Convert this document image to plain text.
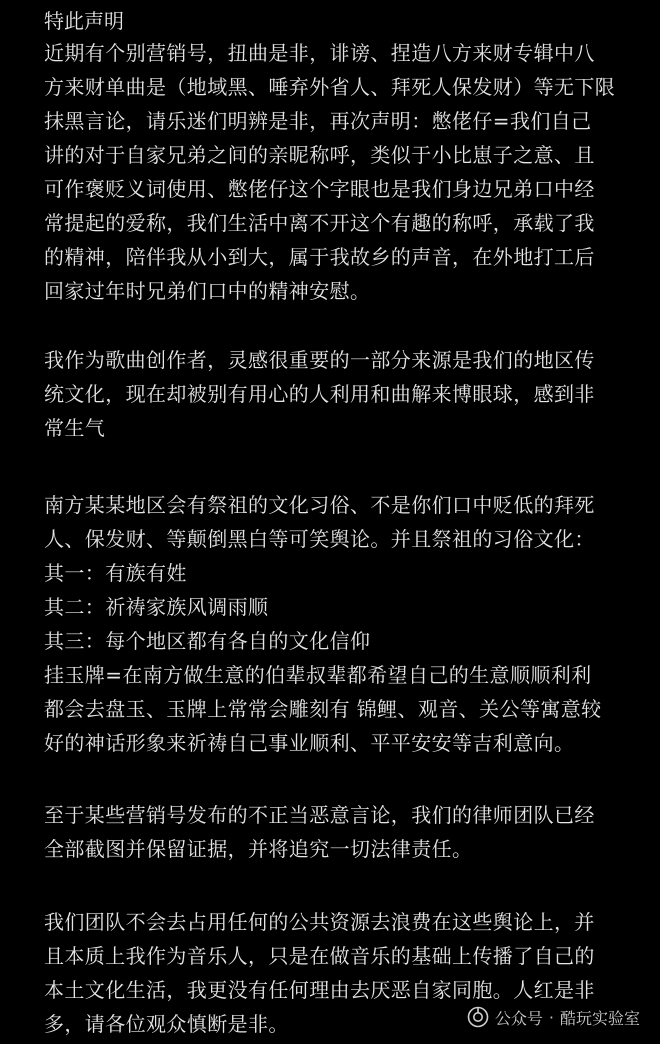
特此声明
近期有个别营销号，扭曲是非，诽谤、捏造八方来财专辑中八
方来财单曲是（地域黑、唾弃外省人、拜死人保发财）等无下限
抹黑言论，请乐迷们明辨是非，再次声明：憋佬仔=我们自己
讲的对于自家兄弟之间的亲昵称呼，类似于小比崽子之意、且
可作褒贬义词使用、憋佬仔这个字眼也是我们身边兄弟口中经
常提起的爱称，我们生活中离不开这个有趣的称呼，承载了我
的精神，陪伴我从小到大，属于我故乡的声音，在外地打工后
回家过年时兄弟们口中的精神安慰。
我作为歌曲创作者，灵感很重要的一部分来源是我们的地区传
统文化，现在却被别有用心的人利用和曲解来博眼球，感到非
常生气
南方某某地区会有祭祖的文化习俗、不是你们口中贬低的拜死
人、保发财、等颠倒黑白等可笑舆论。并且祭祖的习俗文化：
其一：有族有姓
其二：祈祷家族风调雨顺
其三：每个地区都有各自的文化信仰
挂玉牌=在南方做生意的伯辈叔辈都希望自己的生意顺顺利利
都会去盘玉、玉牌上常常会雕刻有 锦鲤、观音、关公等寓意较
好的神话形象来祈祷自己事业顺利、平平安安等吉利意向。
至于某些营销号发布的不正当恶意言论，我们的律师团队已经
全部截图并保留证据，并将追究一切法律责任。
我们团队不会去占用任何的公共资源去浪费在这些舆论上，并
且本质上我作为音乐人，只是在做音乐的基础上传播了自己的
本土文化生活，我更没有任何理由去厌恶自家同胞。人红是非
多，请各位观众慎断是非。	公众号 · 酷玩实验室
